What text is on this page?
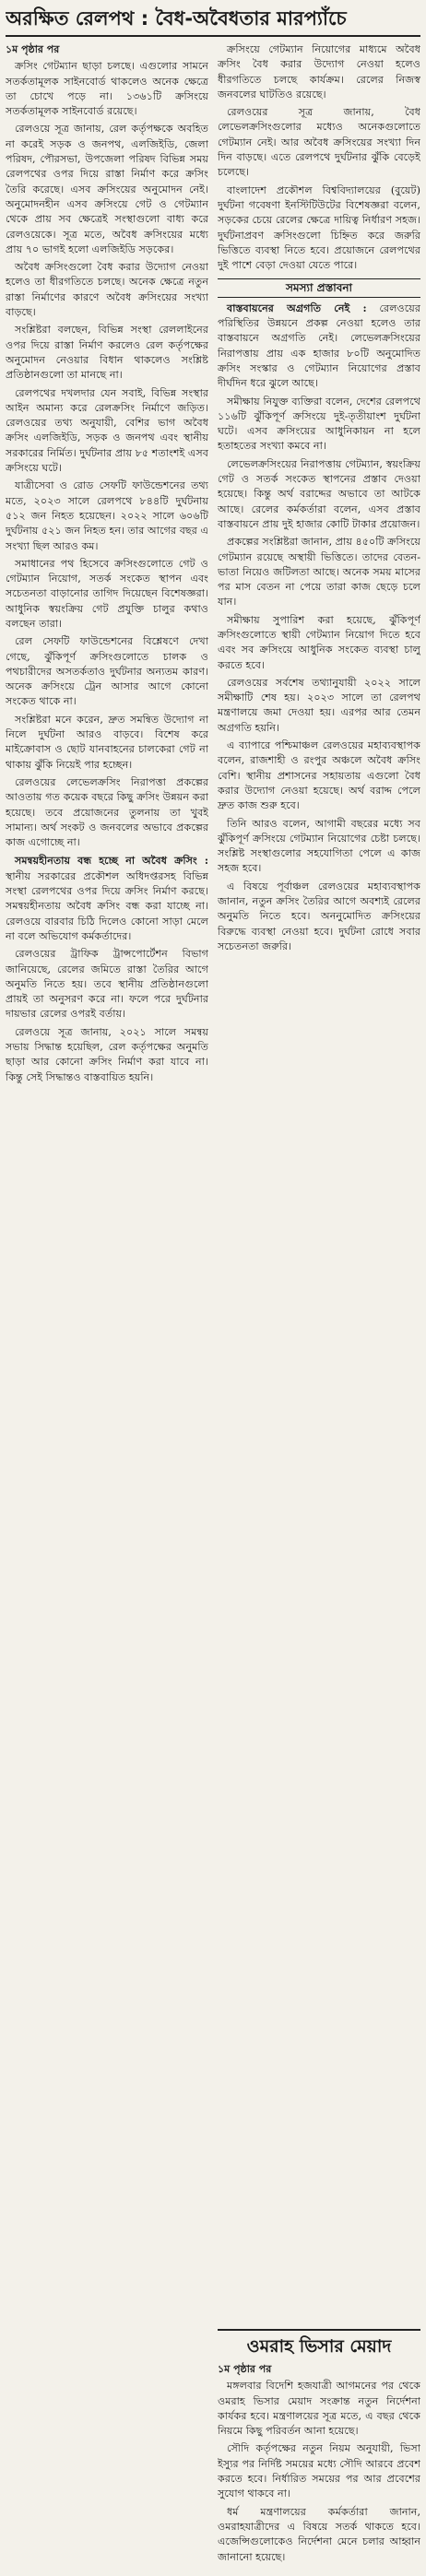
অরক্ষিত রেলপথ : বৈধ-অবৈধতার মারপ্যাঁচে
১ম পৃষ্ঠার পর

ক্রসিং গেটম্যান ছাড়া চলছে। এগুলোর সামনে সতর্কতামূলক সাইনবোর্ড থাকলেও অনেক ক্ষেত্রে তা চোখে পড়ে না। ১৩৬১টি ক্রসিংয়ে সতর্কতামূলক সাইনবোর্ড রয়েছে।

রেলওয়ে সূত্র জানায়, রেল কর্তৃপক্ষকে অবহিত না করেই সড়ক ও জনপথ, এলজিইডি, জেলা পরিষদ, পৌরসভা, উপজেলা পরিষদ বিভিন্ন সময় রেলপথের ওপর দিয়ে রাস্তা নির্মাণ করে ক্রসিং তৈরি করেছে। এসব ক্রসিংয়ের অনুমোদন নেই। অনুমোদনহীন এসব ক্রসিংয়ে গেট ও গেটম্যান থেকে প্রায় সব ক্ষেত্রেই সংস্থাগুলো বাধ্য করে রেলওয়েকে। সূত্র মতে, অবৈধ ক্রসিংয়ের মধ্যে প্রায় ৭০ ভাগই হলো এলজিইডি সড়কের।

অবৈধ ক্রসিংগুলো বৈধ করার উদ্যোগ নেওয়া হলেও তা ধীরগতিতে চলছে। অনেক ক্ষেত্রে নতুন রাস্তা নির্মাণের কারণে অবৈধ ক্রসিংয়ের সংখ্যা বাড়ছে।

সংশ্লিষ্টরা বলছেন, বিভিন্ন সংস্থা রেললাইনের ওপর দিয়ে রাস্তা নির্মাণ করলেও রেল কর্তৃপক্ষের অনুমোদন নেওয়ার বিধান থাকলেও সংশ্লিষ্ট প্রতিষ্ঠানগুলো তা মানছে না।

রেলপথের দখলদার যেন সবাই, বিভিন্ন সংস্থার আইন অমান্য করে রেলক্রসিং নির্মাণে জড়িত। রেলওয়ের তথ্য অনুযায়ী, বেশির ভাগ অবৈধ ক্রসিং এলজিইডি, সড়ক ও জনপথ এবং স্থানীয় সরকারের নির্মিত। দুর্ঘটনার প্রায় ৮৫ শতাংশই এসব ক্রসিংয়ে ঘটে।

যাত্রীসেবা ও রোড সেফটি ফাউন্ডেশনের তথ্য মতে, ২০২৩ সালে রেলপথে ৮৪৪টি দুর্ঘটনায় ৫১২ জন নিহত হয়েছেন। ২০২২ সালে ৬০৬টি দুর্ঘটনায় ৫২১ জন নিহত হন। তার আগের বছর এ সংখ্যা ছিল আরও কম।

সমাধানের পথ হিসেবে ক্রসিংগুলোতে গেট ও গেটম্যান নিয়োগ, সতর্ক সংকেত স্থাপন এবং সচেতনতা বাড়ানোর তাগিদ দিয়েছেন বিশেষজ্ঞরা। আধুনিক স্বয়ংক্রিয় গেট প্রযুক্তি চালুর কথাও বলছেন তারা।

রেল সেফটি ফাউন্ডেশনের বিশ্লেষণে দেখা গেছে, ঝুঁকিপূর্ণ ক্রসিংগুলোতে চালক ও পথচারীদের অসতর্কতাও দুর্ঘটনার অন্যতম কারণ। অনেক ক্রসিংয়ে ট্রেন আসার আগে কোনো সংকেত থাকে না।

সংশ্লিষ্টরা মনে করেন, দ্রুত সমন্বিত উদ্যোগ না নিলে দুর্ঘটনা আরও বাড়বে। বিশেষ করে মাইক্রোবাস ও ছোট যানবাহনের চালকেরা গেট না থাকায় ঝুঁকি নিয়েই পার হচ্ছেন।

রেলওয়ের লেভেলক্রসিং নিরাপত্তা প্রকল্পের আওতায় গত কয়েক বছরে কিছু ক্রসিং উন্নয়ন করা হয়েছে। তবে প্রয়োজনের তুলনায় তা খুবই সামান্য। অর্থ সংকট ও জনবলের অভাবে প্রকল্পের কাজ এগোচ্ছে না।

সমন্বয়হীনতায় বন্ধ হচ্ছে না অবৈধ ক্রসিং : স্থানীয় সরকারের প্রকৌশল অধিদপ্তরসহ বিভিন্ন সংস্থা রেলপথের ওপর দিয়ে ক্রসিং নির্মাণ করছে। সমন্বয়হীনতায় অবৈধ ক্রসিং বন্ধ করা যাচ্ছে না। রেলওয়ে বারবার চিঠি দিলেও কোনো সাড়া মেলে না বলে অভিযোগ কর্মকর্তাদের।

রেলওয়ের ট্রাফিক ট্রান্সপোর্টেশন বিভাগ জানিয়েছে, রেলের জমিতে রাস্তা তৈরির আগে অনুমতি নিতে হয়। তবে স্থানীয় প্রতিষ্ঠানগুলো প্রায়ই তা অনুসরণ করে না। ফলে পরে দুর্ঘটনার দায়ভার রেলের ওপরই বর্তায়।

রেলওয়ে সূত্র জানায়, ২০২১ সালে সমন্বয় সভায় সিদ্ধান্ত হয়েছিল, রেল কর্তৃপক্ষের অনুমতি ছাড়া আর কোনো ক্রসিং নির্মাণ করা যাবে না। কিন্তু সেই সিদ্ধান্তও বাস্তবায়িত হয়নি।

ক্রসিংয়ে গেটম্যান নিয়োগের মাধ্যমে অবৈধ ক্রসিং বৈধ করার উদ্যোগ নেওয়া হলেও ধীরগতিতে চলছে কার্যক্রম। রেলের নিজস্ব জনবলের ঘাটতিও রয়েছে।

রেলওয়ের সূত্র জানায়, বৈধ লেভেলক্রসিংগুলোর মধ্যেও অনেকগুলোতে গেটম্যান নেই। আর অবৈধ ক্রসিংয়ের সংখ্যা দিন দিন বাড়ছে। এতে রেলপথে দুর্ঘটনার ঝুঁকি বেড়েই চলেছে।

বাংলাদেশ প্রকৌশল বিশ্ববিদ্যালয়ের (বুয়েট) দুর্ঘটনা গবেষণা ইনস্টিটিউটের বিশেষজ্ঞরা বলেন, সড়কের চেয়ে রেলের ক্ষেত্রে দায়িত্ব নির্ধারণ সহজ। দুর্ঘটনাপ্রবণ ক্রসিংগুলো চিহ্নিত করে জরুরি ভিত্তিতে ব্যবস্থা নিতে হবে। প্রয়োজনে রেলপথের দুই পাশে বেড়া দেওয়া যেতে পারে।

সমস্যা প্রস্তাবনা

বাস্তবায়নের অগ্রগতি নেই : রেলওয়ের পরিস্থিতির উন্নয়নে প্রকল্প নেওয়া হলেও তার বাস্তবায়নে অগ্রগতি নেই। লেভেলক্রসিংয়ের নিরাপত্তায় প্রায় এক হাজার ৮০টি অনুমোদিত ক্রসিং সংস্কার ও গেটম্যান নিয়োগের প্রস্তাব দীর্ঘদিন ধরে ঝুলে আছে।

সমীক্ষায় নিযুক্ত ব্যক্তিরা বলেন, দেশের রেলপথে ১১৬টি ঝুঁকিপূর্ণ ক্রসিংয়ে দুই-তৃতীয়াংশ দুর্ঘটনা ঘটে। এসব ক্রসিংয়ের আধুনিকায়ন না হলে হতাহতের সংখ্যা কমবে না।

লেভেলক্রসিংয়ের নিরাপত্তায় গেটম্যান, স্বয়ংক্রিয় গেট ও সতর্ক সংকেত স্থাপনের প্রস্তাব দেওয়া হয়েছে। কিন্তু অর্থ বরাদ্দের অভাবে তা আটকে আছে। রেলের কর্মকর্তারা বলেন, এসব প্রস্তাব বাস্তবায়নে প্রায় দুই হাজার কোটি টাকার প্রয়োজন।

প্রকল্পের সংশ্লিষ্টরা জানান, প্রায় ৪৫০টি ক্রসিংয়ে গেটম্যান রয়েছে অস্থায়ী ভিত্তিতে। তাদের বেতন-ভাতা নিয়েও জটিলতা আছে। অনেক সময় মাসের পর মাস বেতন না পেয়ে তারা কাজ ছেড়ে চলে যান।

সমীক্ষায় সুপারিশ করা হয়েছে, ঝুঁকিপূর্ণ ক্রসিংগুলোতে স্থায়ী গেটম্যান নিয়োগ দিতে হবে এবং সব ক্রসিংয়ে আধুনিক সংকেত ব্যবস্থা চালু করতে হবে।

রেলওয়ের সর্বশেষ তথ্যানুযায়ী ২০২২ সালে সমীক্ষাটি শেষ হয়। ২০২৩ সালে তা রেলপথ মন্ত্রণালয়ে জমা দেওয়া হয়। এরপর আর তেমন অগ্রগতি হয়নি।

এ ব্যাপারে পশ্চিমাঞ্চল রেলওয়ের মহাব্যবস্থাপক বলেন, রাজশাহী ও রংপুর অঞ্চলে অবৈধ ক্রসিং বেশি। স্থানীয় প্রশাসনের সহায়তায় এগুলো বৈধ করার উদ্যোগ নেওয়া হয়েছে। অর্থ বরাদ্দ পেলে দ্রুত কাজ শুরু হবে।

তিনি আরও বলেন, আগামী বছরের মধ্যে সব ঝুঁকিপূর্ণ ক্রসিংয়ে গেটম্যান নিয়োগের চেষ্টা চলছে। সংশ্লিষ্ট সংস্থাগুলোর সহযোগিতা পেলে এ কাজ সহজ হবে।

এ বিষয়ে পূর্বাঞ্চল রেলওয়ের মহাব্যবস্থাপক জানান, নতুন ক্রসিং তৈরির আগে অবশ্যই রেলের অনুমতি নিতে হবে। অননুমোদিত ক্রসিংয়ের বিরুদ্ধে ব্যবস্থা নেওয়া হবে। দুর্ঘটনা রোধে সবার সচেতনতা জরুরি।

ওমরাহ ভিসার মেয়াদ
১ম পৃষ্ঠার পর

মঙ্গলবার বিদেশি হজযাত্রী আগমনের পর থেকে ওমরাহ ভিসার মেয়াদ সংক্রান্ত নতুন নির্দেশনা কার্যকর হবে। মন্ত্রণালয়ের সূত্র মতে, এ বছর থেকে নিয়মে কিছু পরিবর্তন আনা হয়েছে।

সৌদি কর্তৃপক্ষের নতুন নিয়ম অনুযায়ী, ভিসা ইস্যুর পর নির্দিষ্ট সময়ের মধ্যে সৌদি আরবে প্রবেশ করতে হবে। নির্ধারিত সময়ের পর আর প্রবেশের সুযোগ থাকবে না।

ধর্ম মন্ত্রণালয়ের কর্মকর্তারা জানান, ওমরাহযাত্রীদের এ বিষয়ে সতর্ক থাকতে হবে। এজেন্সিগুলোকেও নির্দেশনা মেনে চলার আহ্বান জানানো হয়েছে।
